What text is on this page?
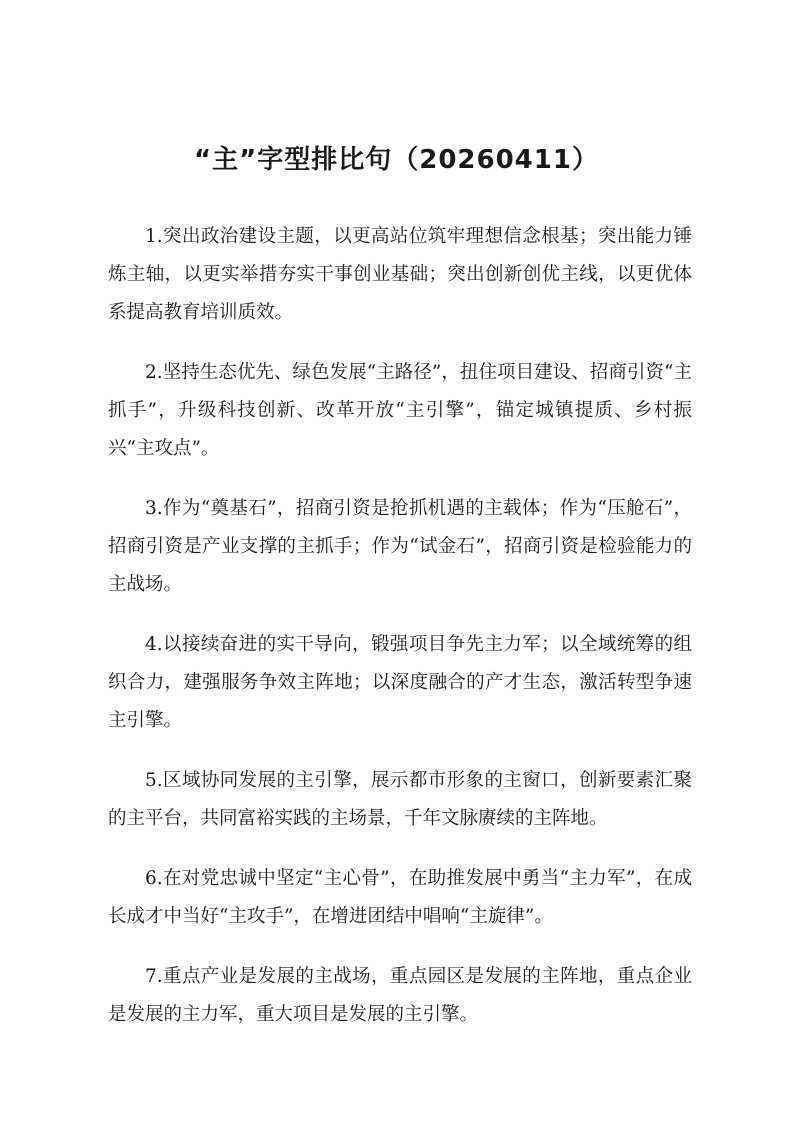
“主”字型排比句（20260411）

1.突出政治建设主题，以更高站位筑牢理想信念根基；突出能力锤炼主轴，以更实举措夯实干事创业基础；突出创新创优主线，以更优体系提高教育培训质效。

2.坚持生态优先、绿色发展“主路径”，扭住项目建设、招商引资“主抓手”，升级科技创新、改革开放“主引擎”，锚定城镇提质、乡村振兴“主攻点”。

3.作为“奠基石”，招商引资是抢抓机遇的主载体；作为“压舱石”，招商引资是产业支撑的主抓手；作为“试金石”，招商引资是检验能力的主战场。

4.以接续奋进的实干导向，锻强项目争先主力军；以全域统筹的组织合力，建强服务争效主阵地；以深度融合的产才生态，激活转型争速主引擎。

5.区域协同发展的主引擎，展示都市形象的主窗口，创新要素汇聚的主平台，共同富裕实践的主场景，千年文脉赓续的主阵地。

6.在对党忠诚中坚定“主心骨”，在助推发展中勇当“主力军”，在成长成才中当好“主攻手”，在增进团结中唱响“主旋律”。

7.重点产业是发展的主战场，重点园区是发展的主阵地，重点企业是发展的主力军，重大项目是发展的主引擎。
